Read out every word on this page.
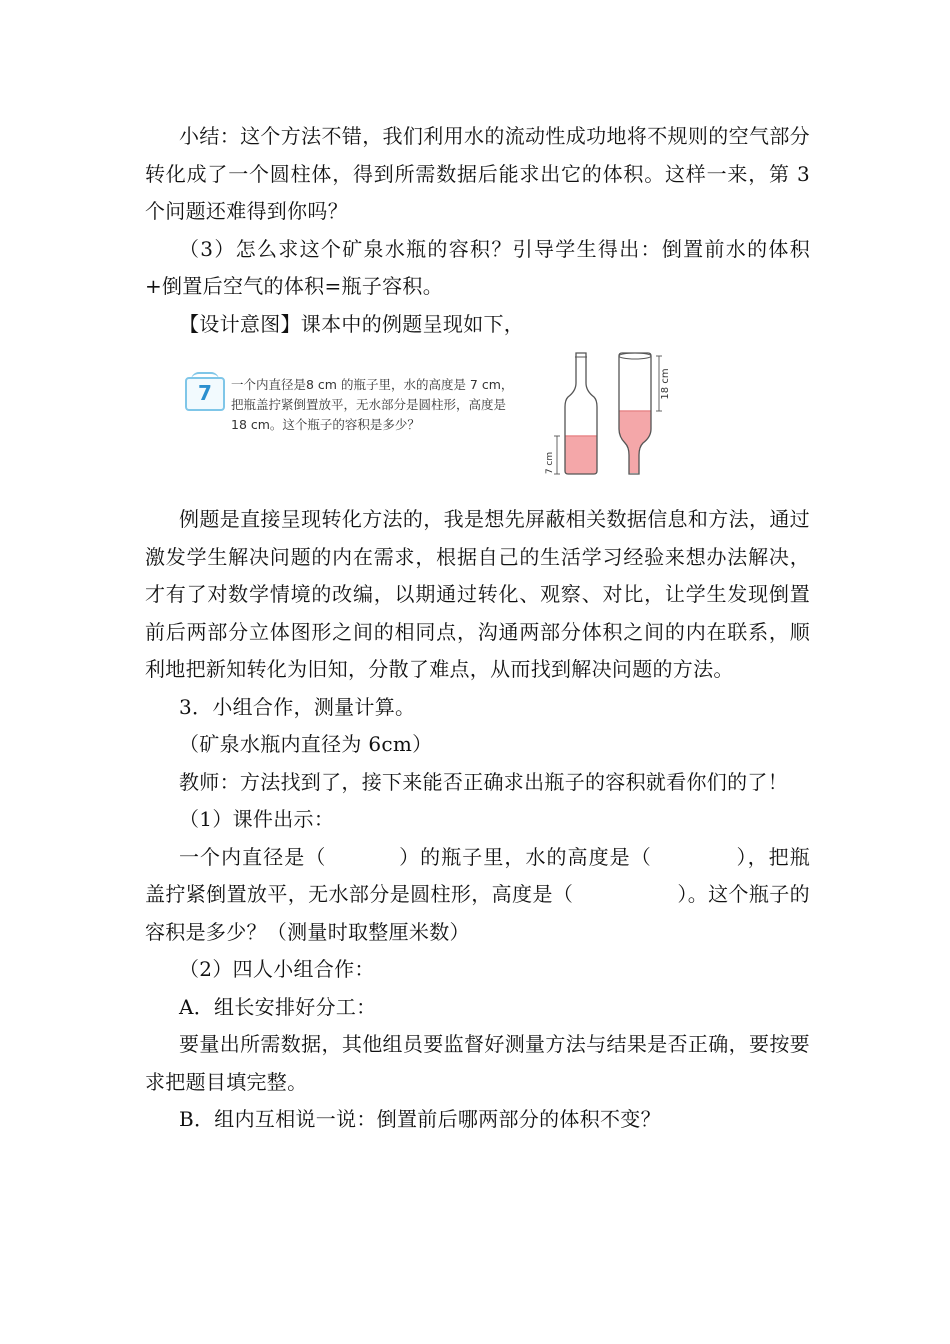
小结：这个方法不错，我们利用水的流动性成功地将不规则的空气部分转化成了一个圆柱体，得到所需数据后能求出它的体积。这样一来，第 3 个问题还难得到你吗？

（3）怎么求这个矿泉水瓶的容积？引导学生得出：倒置前水的体积+倒置后空气的体积=瓶子容积。

【设计意图】课本中的例题呈现如下，

7	一个内直径是8 cm 的瓶子里，水的高度是 7 cm，
把瓶盖拧紧倒置放平，无水部分是圆柱形，高度是
18 cm。这个瓶子的容积是多少？
7 cm
18 cm

例题是直接呈现转化方法的，我是想先屏蔽相关数据信息和方法，通过激发学生解决问题的内在需求，根据自己的生活学习经验来想办法解决，才有了对数学情境的改编，以期通过转化、观察、对比，让学生发现倒置前后两部分立体图形之间的相同点，沟通两部分体积之间的内在联系，顺利地把新知转化为旧知，分散了难点，从而找到解决问题的方法。

3．小组合作，测量计算。

（矿泉水瓶内直径为 6cm）

教师：方法找到了，接下来能否正确求出瓶子的容积就看你们的了！

（1）课件出示：

一个内直径是（	）的瓶子里，水的高度是（	），把瓶盖拧紧倒置放平，无水部分是圆柱形，高度是（	）。这个瓶子的容积是多少？（测量时取整厘米数）

（2）四人小组合作：

A．组长安排好分工：

要量出所需数据，其他组员要监督好测量方法与结果是否正确，要按要求把题目填完整。

B．组内互相说一说：倒置前后哪两部分的体积不变？
